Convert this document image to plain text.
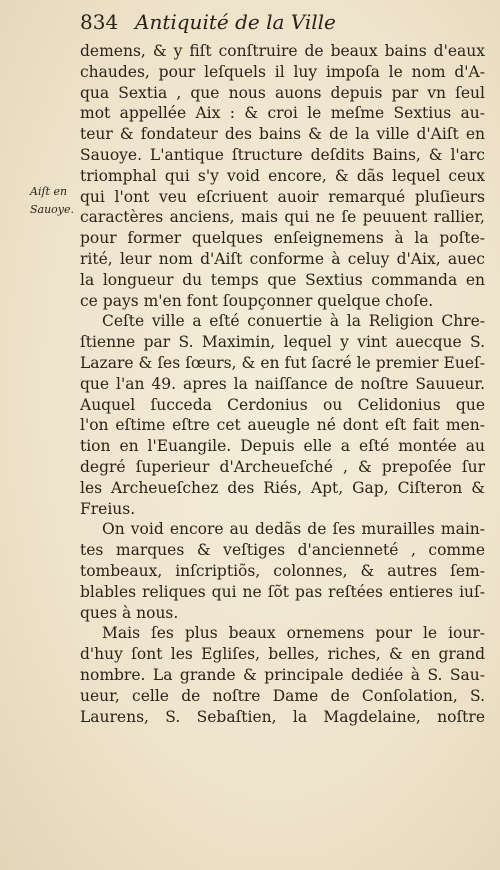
834 Antiquité de la Ville
Aiſt en
Sauoye.
demens, & y fiſt conſtruire de beaux bains d'eaux
chaudes, pour leſquels il luy impoſa le nom d'A-
qua Sextia , que nous auons depuis par vn ſeul
mot appellée Aix : & croi le meſme Sextius au-
teur & fondateur des bains & de la ville d'Aiſt en
Sauoye. L'antique ſtructure deſdits Bains, & l'arc
triomphal qui s'y void encore, & dãs lequel ceux
qui l'ont veu eſcriuent auoir remarqué pluſieurs
caractères anciens, mais qui ne ſe peuuent rallier,
pour former quelques enſeignemens à la poſte-
rité, leur nom d'Aiſt conforme à celuy d'Aix, auec
la longueur du temps que Sextius commanda en
ce pays m'en font ſoupçonner quelque choſe.
Ceſte ville a eſté conuertie à la Religion Chre-
ſtienne par S. Maximin, lequel y vint auecque S.
Lazare & ſes ſœurs, & en fut ſacré le premier Eueſ-
que l'an 49. apres la naiſſance de noſtre Sauueur.
Auquel ſucceda Cerdonius ou Celidonius que
l'on eſtime eſtre cet aueugle né dont eſt fait men-
tion en l'Euangile. Depuis elle a eſté montée au
degré ſuperieur d'Archeueſché , & prepoſée ſur
les Archeueſchez des Riés, Apt, Gap, Ciſteron &
Freius.
On void encore au dedãs de ſes murailles main-
tes marques & veſtiges d'ancienneté , comme
tombeaux, inſcriptiõs, colonnes, & autres ſem-
blables reliques qui ne ſõt pas reſtées entieres iuſ-
ques à nous.
Mais ſes plus beaux ornemens pour le iour-
d'huy ſont les Egliſes, belles, riches, & en grand
nombre. La grande & principale dediée à S. Sau-
ueur, celle de noſtre Dame de Conſolation, S.
Laurens, S. Sebaſtien, la Magdelaine, noſtre
